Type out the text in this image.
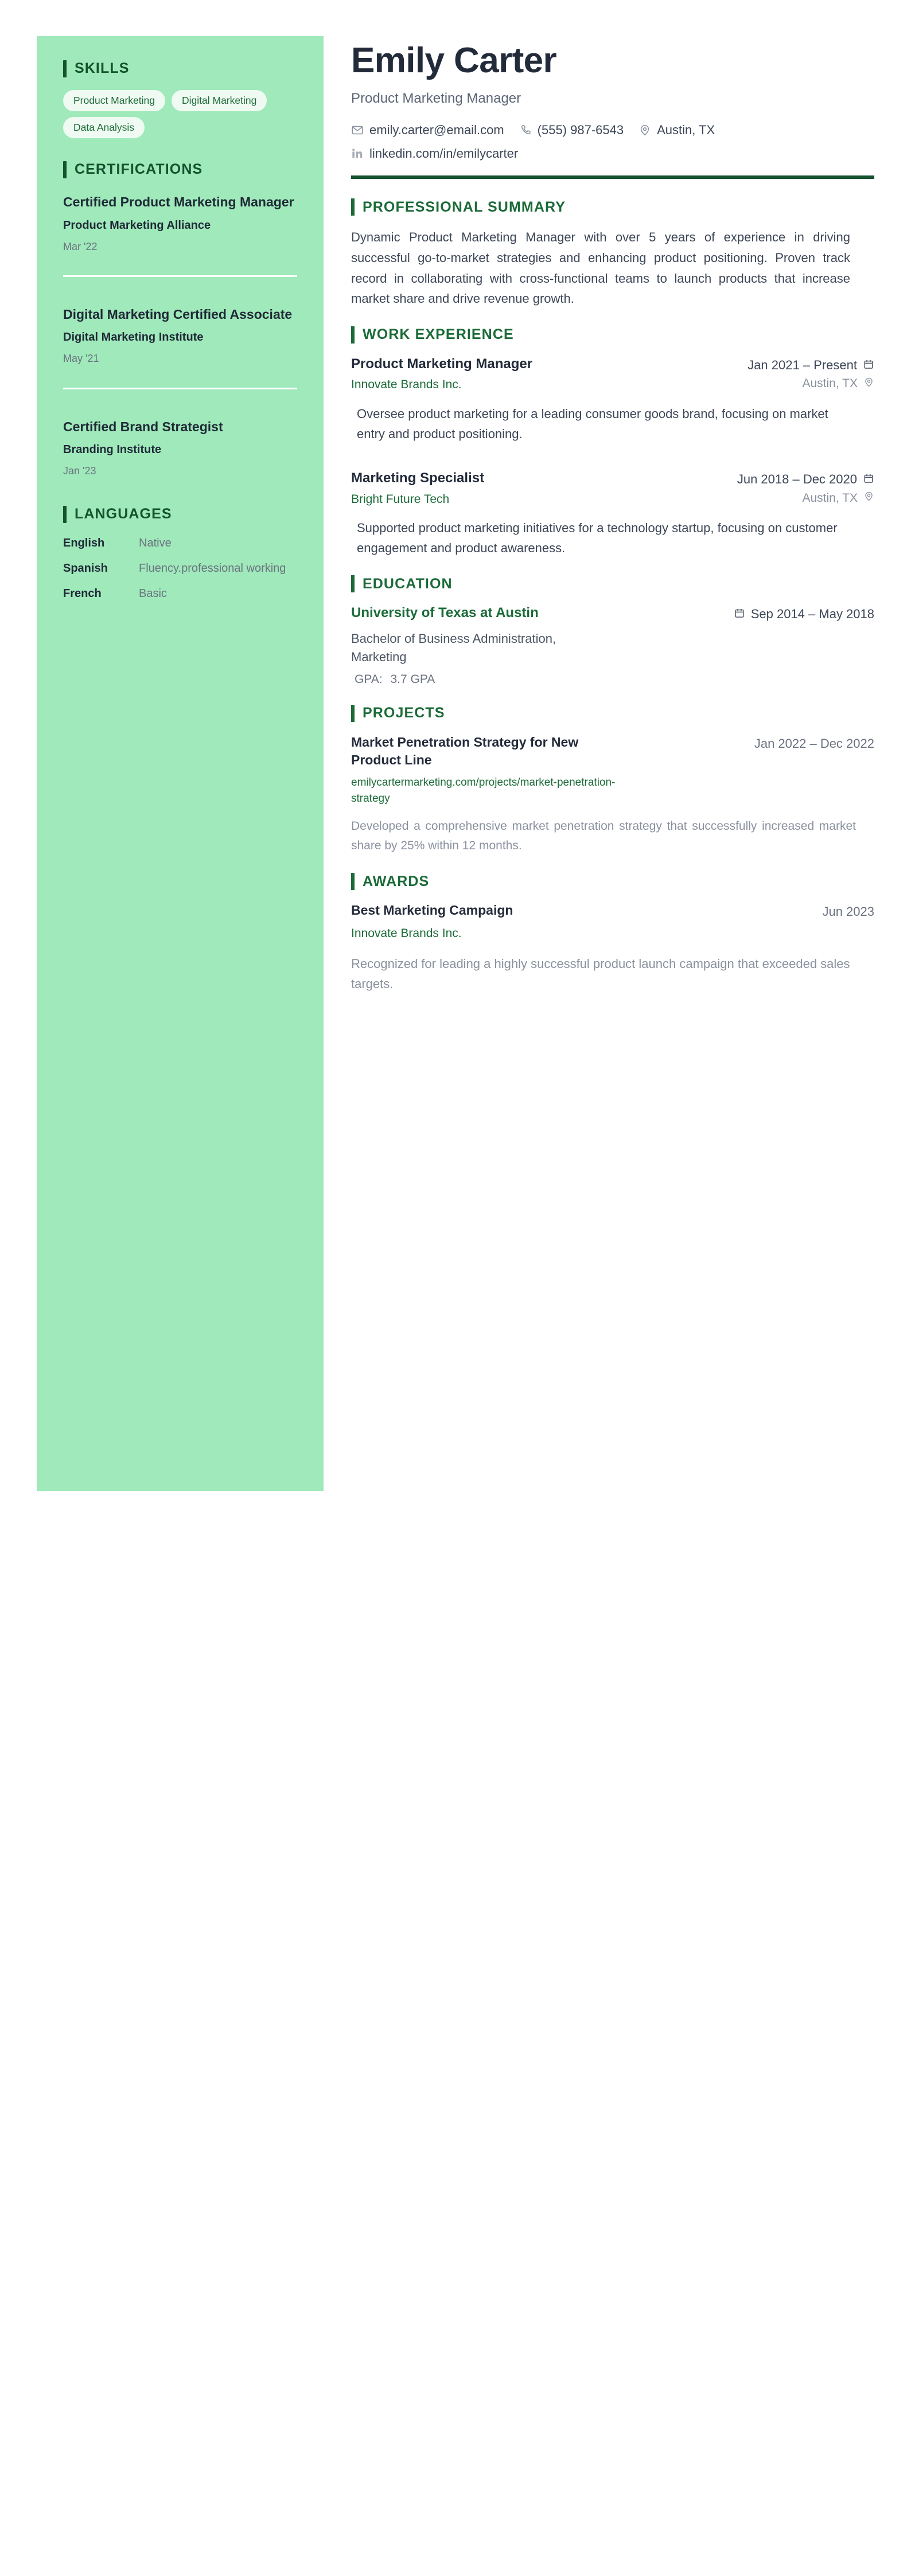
SKILLS
Product Marketing	Digital Marketing
Data Analysis
CERTIFICATIONS
Certified Product Marketing Manager
Product Marketing Alliance
Mar '22
Digital Marketing Certified Associate
Digital Marketing Institute
May '21
Certified Brand Strategist
Branding Institute
Jan '23
LANGUAGES
English	Native
Spanish	Fluency.professional working
French	Basic
Emily Carter
Product Marketing Manager
emily.carter@email.com	(555) 987-6543	Austin, TX
linkedin.com/in/emilycarter
PROFESSIONAL SUMMARY

Dynamic Product Marketing Manager with over 5 years of experience in driving successful go-to-market strategies and enhancing product positioning. Proven track record in collaborating with cross-functional teams to launch products that increase market share and drive revenue growth.

WORK EXPERIENCE
Product Marketing Manager	Jan 2021 – Present
Innovate Brands Inc.	Austin, TX

Oversee product marketing for a leading consumer goods brand, focusing on market entry and product positioning.

Marketing Specialist	Jun 2018 – Dec 2020
Bright Future Tech	Austin, TX

Supported product marketing initiatives for a technology startup, focusing on customer engagement and product awareness.

EDUCATION
University of Texas at Austin	Sep 2014 – May 2018
Bachelor of Business Administration, Marketing
GPA: 3.7 GPA
PROJECTS
Market Penetration Strategy for New Product Line
emilycartermarketing.com/projects/market-penetration-strategy
Jan 2022 – Dec 2022

Developed a comprehensive market penetration strategy that successfully increased market share by 25% within 12 months.

AWARDS
Best Marketing Campaign
Innovate Brands Inc.
Jun 2023

Recognized for leading a highly successful product launch campaign that exceeded sales targets.
